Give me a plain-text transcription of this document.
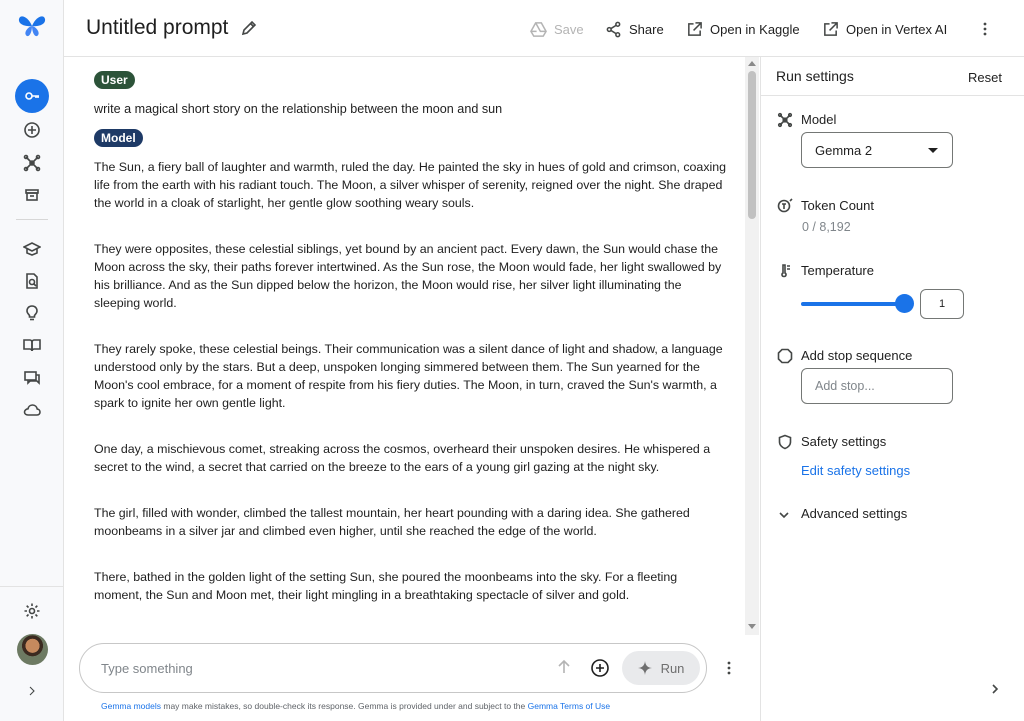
Untitled prompt	Save	Share	Open in Kaggle	Open in Vertex AI
User
write a magical short story on the relationship between the moon and sun
Model
The Sun, a fiery ball of laughter and warmth, ruled the day. He painted the sky in hues of gold and crimson, coaxing life from the earth with his radiant touch. The Moon, a silver whisper of serenity, reigned over the night. She draped the world in a cloak of starlight, her gentle glow soothing weary souls.
They were opposites, these celestial siblings, yet bound by an ancient pact. Every dawn, the Sun would chase the Moon across the sky, their paths forever intertwined. As the Sun rose, the Moon would fade, her light swallowed by his brilliance. And as the Sun dipped below the horizon, the Moon would rise, her silver light illuminating the sleeping world.
They rarely spoke, these celestial beings. Their communication was a silent dance of light and shadow, a language understood only by the stars. But a deep, unspoken longing simmered between them. The Sun yearned for the Moon's cool embrace, for a moment of respite from his fiery duties. The Moon, in turn, craved the Sun's warmth, a spark to ignite her own gentle light.
One day, a mischievous comet, streaking across the cosmos, overheard their unspoken desires. He whispered a secret to the wind, a secret that carried on the breeze to the ears of a young girl gazing at the night sky.
The girl, filled with wonder, climbed the tallest mountain, her heart pounding with a daring idea. She gathered moonbeams in a silver jar and climbed even higher, until she reached the edge of the world.
There, bathed in the golden light of the setting Sun, she poured the moonbeams into the sky. For a fleeting moment, the Sun and Moon met, their light mingling in a breathtaking spectacle of silver and gold.
Type something	Run
Gemma models may make mistakes, so double-check its response. Gemma is provided under and subject to the Gemma Terms of Use
Run settings	Reset
Model
Gemma 2
Token Count
0 / 8,192
Temperature
1
Add stop sequence
Add stop...
Safety settings
Edit safety settings
Advanced settings
